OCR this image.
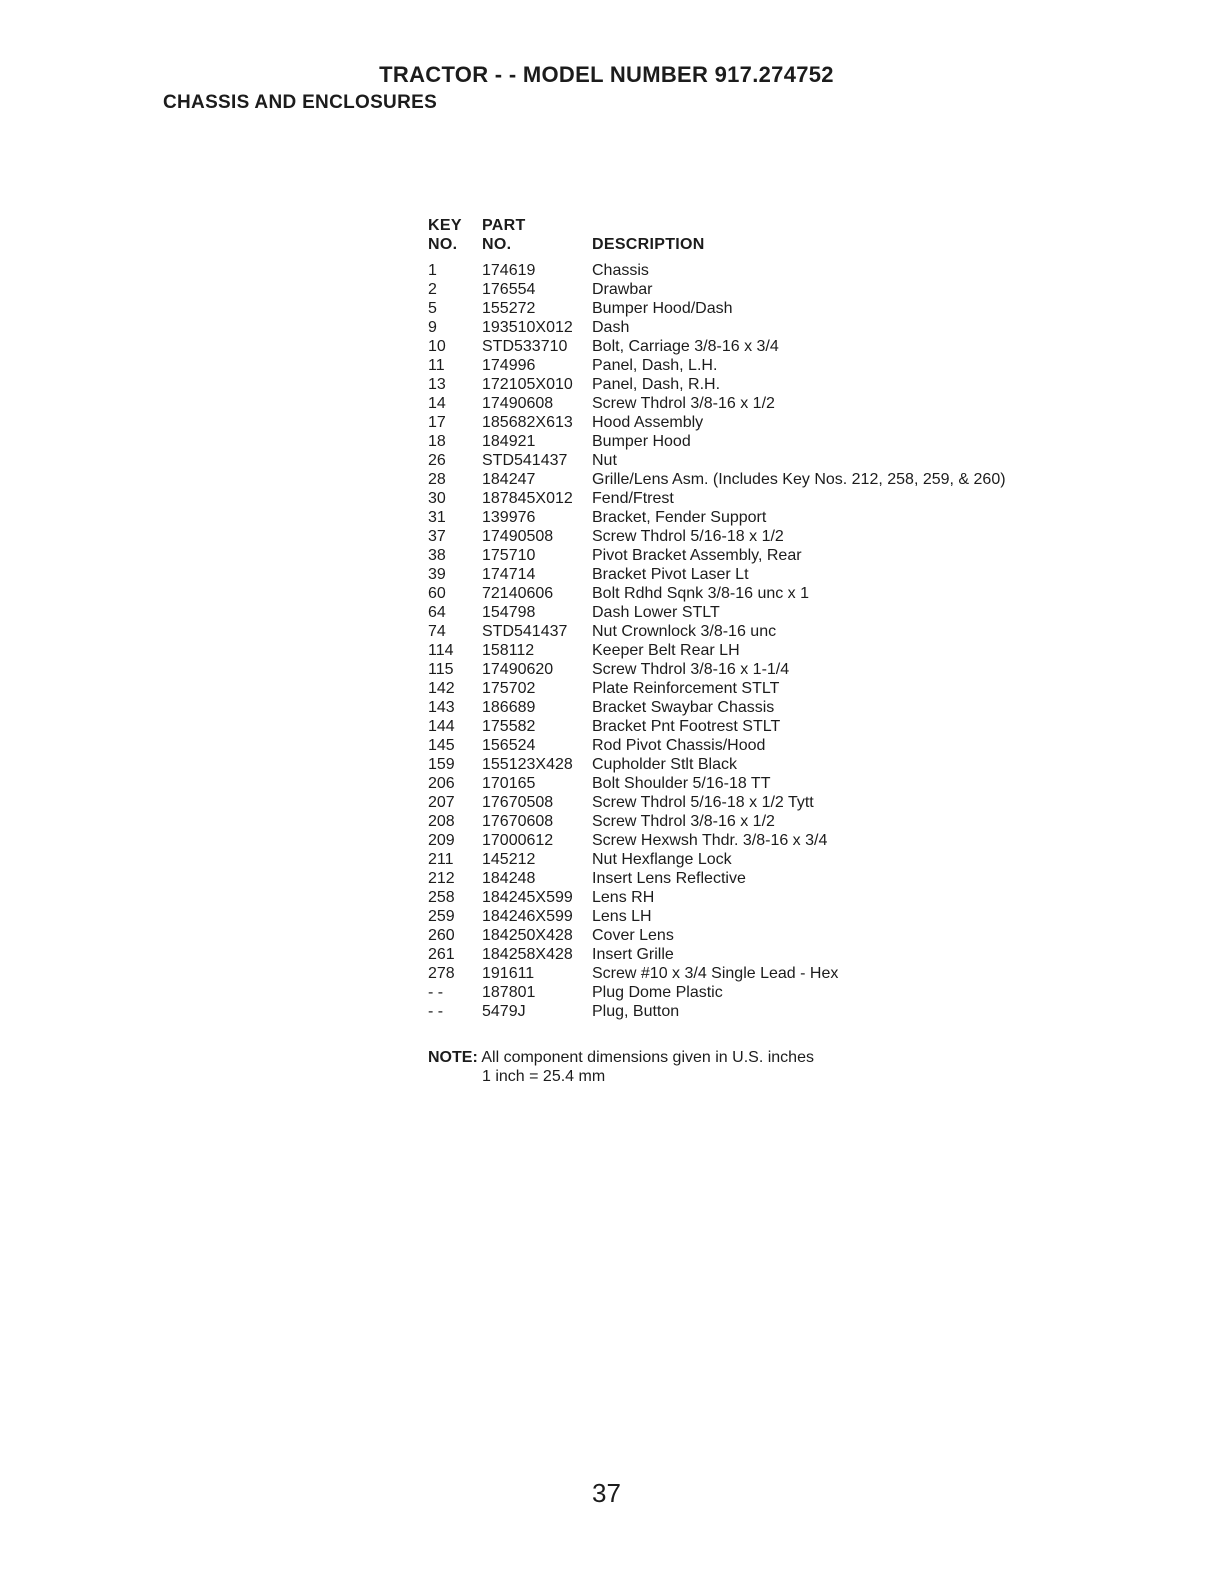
TRACTOR - - MODEL NUMBER 917.274752
CHASSIS AND ENCLOSURES
KEY	PART
NO.	NO.	DESCRIPTION
1	174619	Chassis
2	176554	Drawbar
5	155272	Bumper Hood/Dash
9	193510X012	Dash
10	STD533710	Bolt, Carriage 3/8-16 x 3/4
11	174996	Panel, Dash, L.H.
13	172105X010	Panel, Dash, R.H.
14	17490608	Screw Thdrol 3/8-16 x 1/2
17	185682X613	Hood Assembly
18	184921	Bumper Hood
26	STD541437	Nut
28	184247	Grille/Lens Asm. (Includes Key Nos. 212, 258, 259, & 260)
30	187845X012	Fend/Ftrest
31	139976	Bracket, Fender Support
37	17490508	Screw Thdrol 5/16-18 x 1/2
38	175710	Pivot Bracket Assembly, Rear
39	174714	Bracket Pivot Laser Lt
60	72140606	Bolt Rdhd Sqnk 3/8-16 unc x 1
64	154798	Dash Lower STLT
74	STD541437	Nut Crownlock 3/8-16 unc
114	158112	Keeper Belt Rear LH
115	17490620	Screw Thdrol 3/8-16 x 1-1/4
142	175702	Plate Reinforcement STLT
143	186689	Bracket Swaybar Chassis
144	175582	Bracket Pnt Footrest STLT
145	156524	Rod Pivot Chassis/Hood
159	155123X428	Cupholder Stlt Black
206	170165	Bolt Shoulder 5/16-18 TT
207	17670508	Screw Thdrol 5/16-18 x 1/2 Tytt
208	17670608	Screw Thdrol 3/8-16 x 1/2
209	17000612	Screw Hexwsh Thdr. 3/8-16 x 3/4
211	145212	Nut Hexflange Lock
212	184248	Insert Lens Reflective
258	184245X599	Lens RH
259	184246X599	Lens LH
260	184250X428	Cover Lens
261	184258X428	Insert Grille
278	191611	Screw #10 x 3/4 Single Lead - Hex
- -	187801	Plug Dome Plastic
- -	5479J	Plug, Button
NOTE: All component dimensions given in U.S. inches
1 inch = 25.4 mm
37
